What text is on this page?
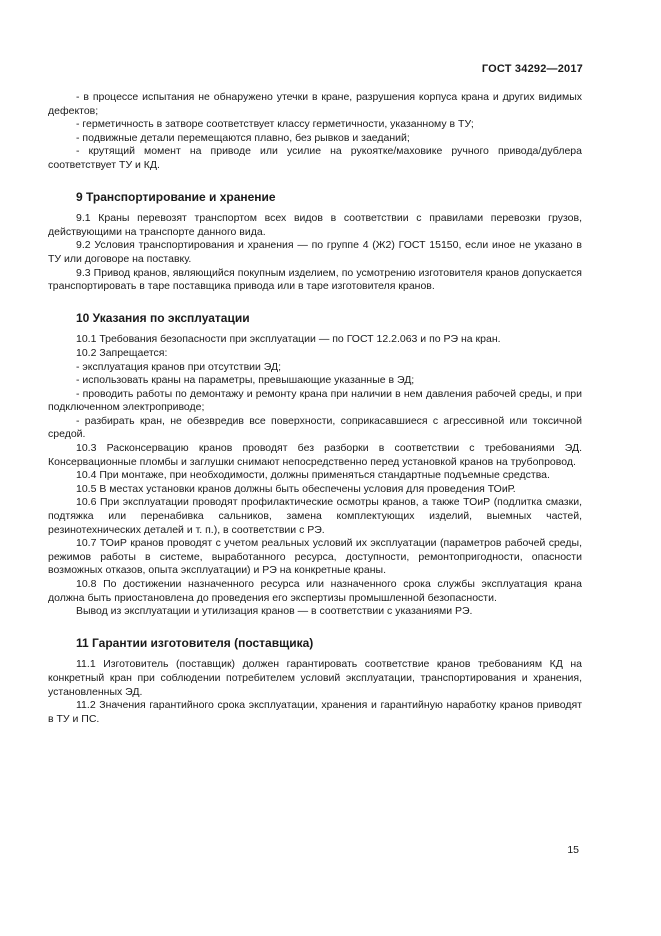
ГОСТ 34292—2017

- в процессе испытания не обнаружено утечки в кране, разрушения корпуса крана и других видимых дефектов;

- герметичность в затворе соответствует классу герметичности, указанному в ТУ;

- подвижные детали перемещаются плавно, без рывков и заеданий;

- крутящий момент на приводе или усилие на рукоятке/маховике ручного привода/дублера соответствует ТУ и КД.

9 Транспортирование и хранение

9.1 Краны перевозят транспортом всех видов в соответствии с правилами перевозки грузов, действующими на транспорте данного вида.

9.2 Условия транспортирования и хранения — по группе 4 (Ж2) ГОСТ 15150, если иное не указано в ТУ или договоре на поставку.

9.3 Привод кранов, являющийся покупным изделием, по усмотрению изготовителя кранов допускается транспортировать в таре поставщика привода или в таре изготовителя кранов.

10 Указания по эксплуатации

10.1 Требования безопасности при эксплуатации — по ГОСТ 12.2.063 и по РЭ на кран.

10.2 Запрещается:

- эксплуатация кранов при отсутствии ЭД;

- использовать краны на параметры, превышающие указанные в ЭД;

- проводить работы по демонтажу и ремонту крана при наличии в нем давления рабочей среды, и при подключенном электроприводе;

- разбирать кран, не обезвредив все поверхности, соприкасавшиеся с агрессивной или токсичной средой.

10.3 Расконсервацию кранов проводят без разборки в соответствии с требованиями ЭД. Консервационные пломбы и заглушки снимают непосредственно перед установкой кранов на трубопровод.

10.4 При монтаже, при необходимости, должны применяться стандартные подъемные средства.

10.5 В местах установки кранов должны быть обеспечены условия для проведения ТОиР.

10.6 При эксплуатации проводят профилактические осмотры кранов, а также ТОиР (подлитка смазки, подтяжка или перенабивка сальников, замена комплектующих изделий, выемных частей, резинотехнических деталей и т. п.), в соответствии с РЭ.

10.7 ТОиР кранов проводят с учетом реальных условий их эксплуатации (параметров рабочей среды, режимов работы в системе, выработанного ресурса, доступности, ремонтопригодности, опасности возможных отказов, опыта эксплуатации) и РЭ на конкретные краны.

10.8 По достижении назначенного ресурса или назначенного срока службы эксплуатация крана должна быть приостановлена до проведения его экспертизы промышленной безопасности.

Вывод из эксплуатации и утилизация кранов — в соответствии с указаниями РЭ.

11 Гарантии изготовителя (поставщика)

11.1 Изготовитель (поставщик) должен гарантировать соответствие кранов требованиям КД на конкретный кран при соблюдении потребителем условий эксплуатации, транспортирования и хранения, установленных ЭД.

11.2 Значения гарантийного срока эксплуатации, хранения и гарантийную наработку кранов приводят в ТУ и ПС.

15
